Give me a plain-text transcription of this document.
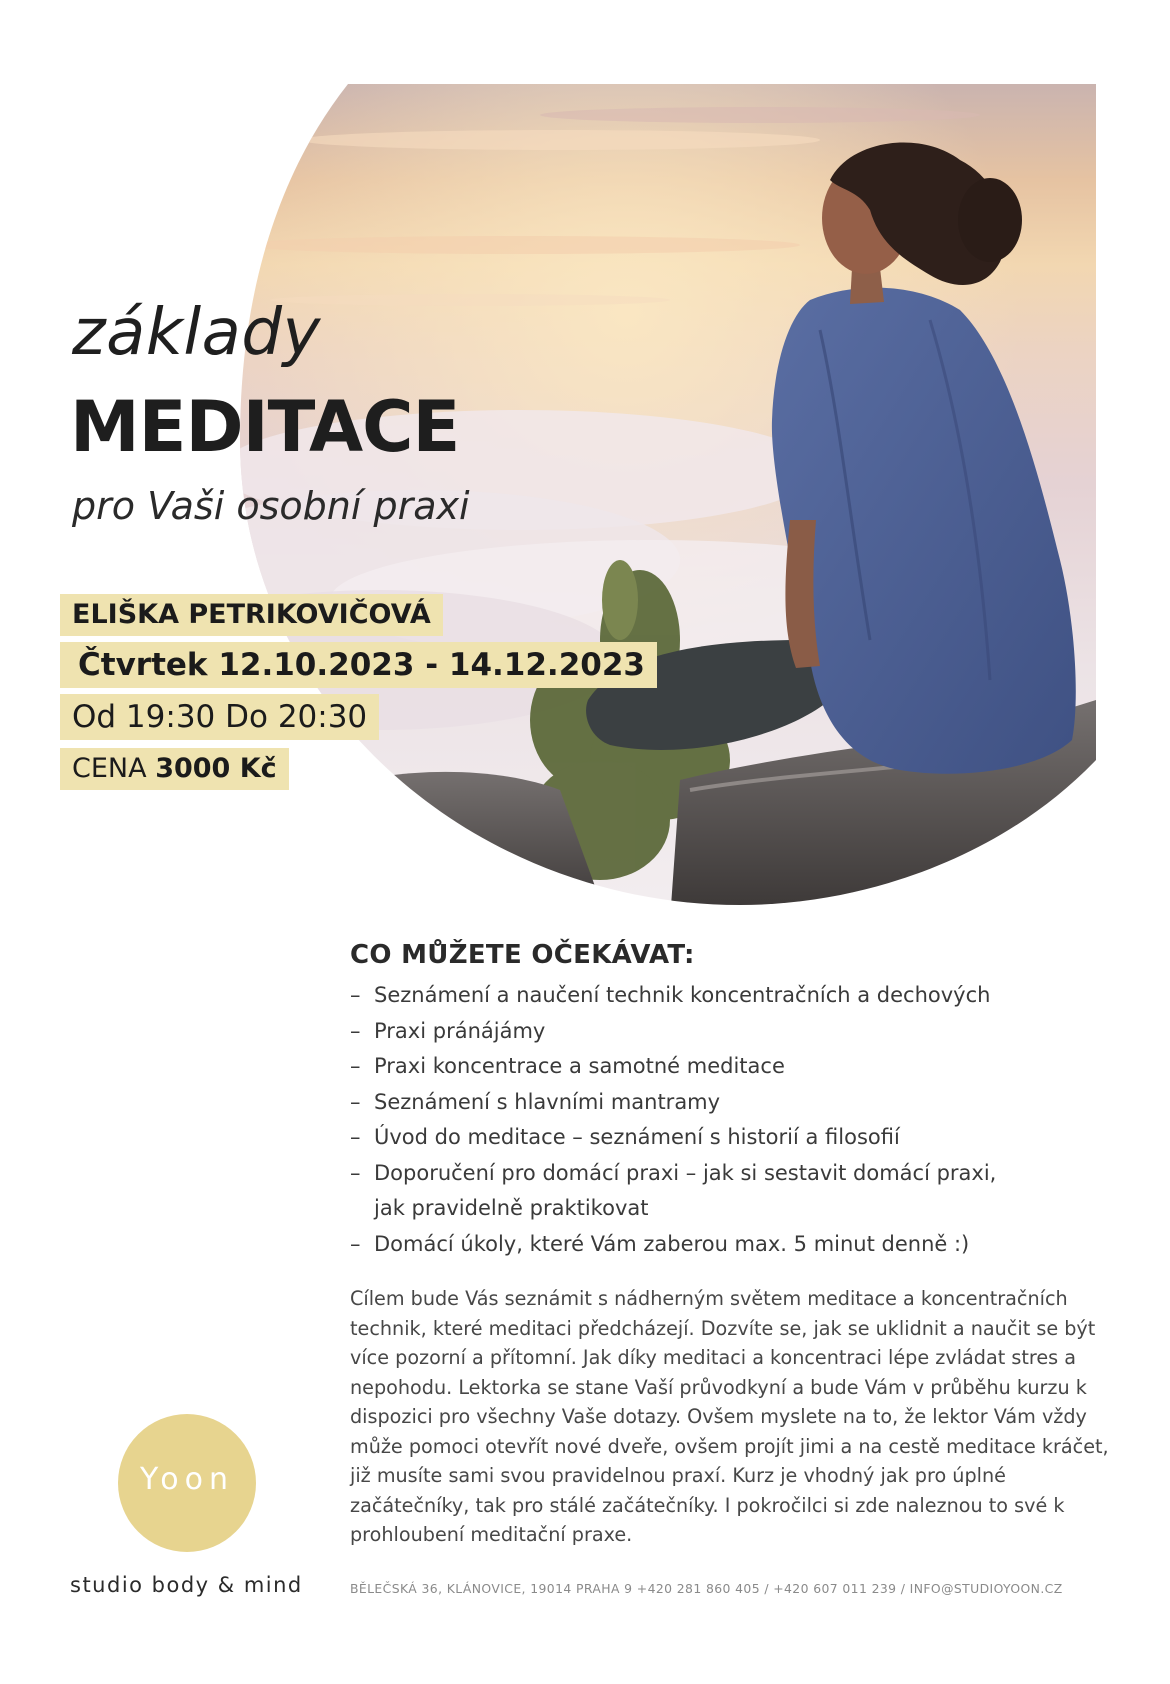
základy
MEDITACE
pro Vaši osobní praxi
ELIŠKA PETRIKOVIČOVÁ
Čtvrtek 12.10.2023 - 14.12.2023
Od 19:30 Do 20:30
CENA 3000 Kč
CO MŮŽETE OČEKÁVAT:
– Seznámení a naučení technik koncentračních a dechových
– Praxi pránájámy
– Praxi koncentrace a samotné meditace
– Seznámení s hlavními mantramy
– Úvod do meditace – seznámení s historií a filosofií
– Doporučení pro domácí praxi – jak si sestavit domácí praxi,
jak pravidelně praktikovat
– Domácí úkoly, které Vám zaberou max. 5 minut denně :)

Cílem bude Vás seznámit s nádherným světem meditace a koncentračních technik, které meditaci předcházejí. Dozvíte se, jak se uklidnit a naučit se být více pozorní a přítomní. Jak díky meditaci a koncentraci lépe zvládat stres a nepohodu. Lektorka se stane Vaší průvodkyní a bude Vám v průběhu kurzu k dispozici pro všechny Vaše dotazy. Ovšem myslete na to, že lektor Vám vždy může pomoci otevřít nové dveře, ovšem projít jimi a na cestě meditace kráčet, již musíte sami svou pravidelnou praxí. Kurz je vhodný jak pro úplné začátečníky, tak pro stálé začátečníky. I pokročilci si zde naleznou to své k prohloubení meditační praxe.

Yoon
studio body & mind	BĚLEČSKÁ 36, KLÁNOVICE, 19014 PRAHA 9 +420 281 860 405 / +420 607 011 239 / INFO@STUDIOYOON.CZ
